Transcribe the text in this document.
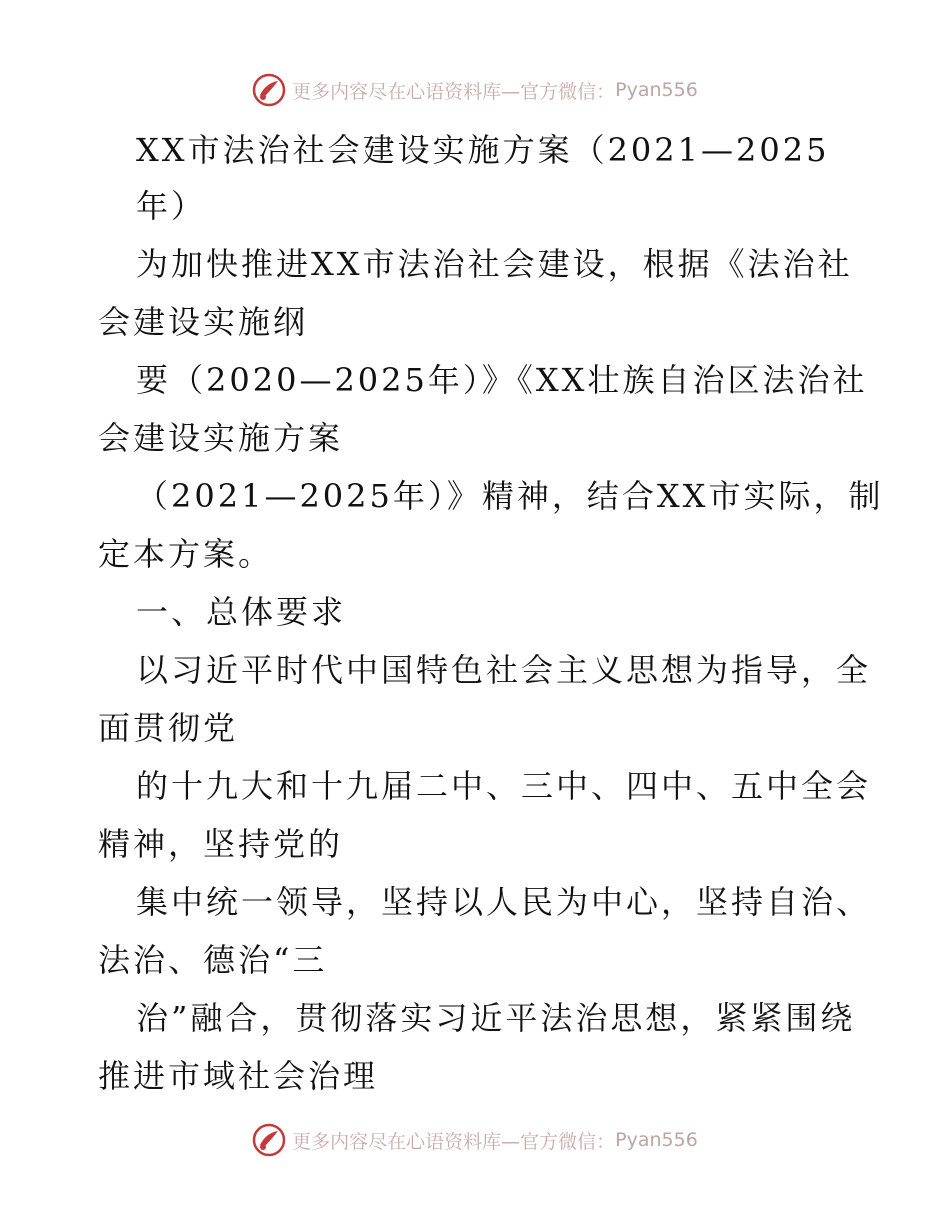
更多内容尽在心语资料库—官方微信： Pyan556
XX市法治社会建设实施方案（2021—2025
年）
为加快推进XX市法治社会建设，根据《法治社
会建设实施纲
要（2020—2025年）》《XX壮族自治区法治社
会建设实施方案
（2021—2025年）》精神，结合XX市实际，制
定本方案。
一、总体要求
以习近平时代中国特色社会主义思想为指导，全
面贯彻党
的十九大和十九届二中、三中、四中、五中全会
精神，坚持党的
集中统一领导，坚持以人民为中心，坚持自治、
法治、德治“三
治”融合，贯彻落实习近平法治思想，紧紧围绕
推进市域社会治理
更多内容尽在心语资料库—官方微信： Pyan556
